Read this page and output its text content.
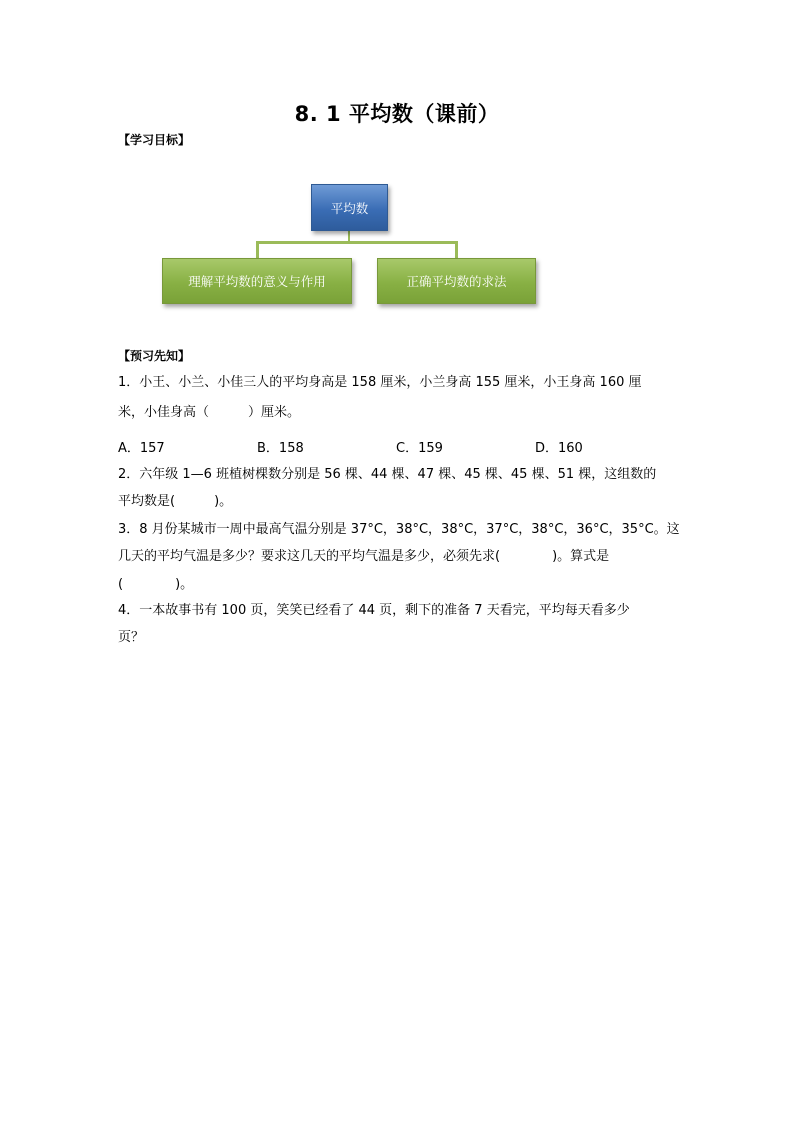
8. 1 平均数（课前）
【学习目标】
平均数
理解平均数的意义与作用	正确平均数的求法
【预习先知】
1．小王、小兰、小佳三人的平均身高是 158 厘米，小兰身高 155 厘米，小王身高 160 厘
米，小佳身高（　　　）厘米。
A．157	B．158	C．159	D．160
2．六年级 1—6 班植树棵数分别是 56 棵、44 棵、47 棵、45 棵、45 棵、51 棵，这组数的
平均数是(　　　)。
3．8 月份某城市一周中最高气温分别是 37°C，38°C，38°C，37°C，38°C，36°C，35°C。这
几天的平均气温是多少？要求这几天的平均气温是多少，必须先求(　　　　)。算式是
(　　　　)。
4．一本故事书有 100 页，笑笑已经看了 44 页，剩下的准备 7 天看完，平均每天看多少
页？
